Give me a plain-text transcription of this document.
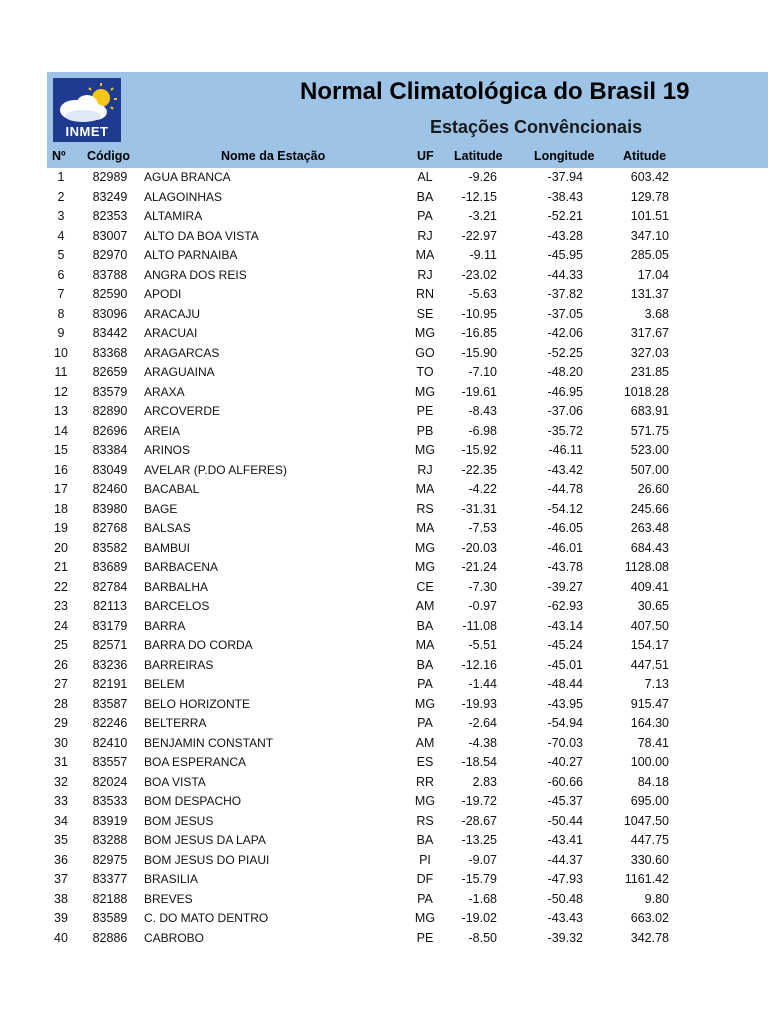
INMET
Normal Climatológica do Brasil 19
Estações Convêncionais
Nº Código	Nome da Estação	UF Latitude	Longitude Atitude
1	82989	AGUA BRANCA	AL	-9.26	-37.94	603.42
2	83249	ALAGOINHAS	BA	-12.15	-38.43	129.78
3	82353	ALTAMIRA	PA	-3.21	-52.21	101.51
4	83007	ALTO DA BOA VISTA	RJ	-22.97	-43.28	347.10
5	82970	ALTO PARNAIBA	MA	-9.11	-45.95	285.05
6	83788	ANGRA DOS REIS	RJ	-23.02	-44.33	17.04
7	82590	APODI	RN	-5.63	-37.82	131.37
8	83096	ARACAJU	SE	-10.95	-37.05	3.68
9	83442	ARACUAI	MG	-16.85	-42.06	317.67
10	83368	ARAGARCAS	GO	-15.90	-52.25	327.03
11	82659	ARAGUAINA	TO	-7.10	-48.20	231.85
12	83579	ARAXA	MG	-19.61	-46.95	1018.28
13	82890	ARCOVERDE	PE	-8.43	-37.06	683.91
14	82696	AREIA	PB	-6.98	-35.72	571.75
15	83384	ARINOS	MG	-15.92	-46.11	523.00
16	83049	AVELAR (P.DO ALFERES)	RJ	-22.35	-43.42	507.00
17	82460	BACABAL	MA	-4.22	-44.78	26.60
18	83980	BAGE	RS	-31.31	-54.12	245.66
19	82768	BALSAS	MA	-7.53	-46.05	263.48
20	83582	BAMBUI	MG	-20.03	-46.01	684.43
21	83689	BARBACENA	MG	-21.24	-43.78	1128.08
22	82784	BARBALHA	CE	-7.30	-39.27	409.41
23	82113	BARCELOS	AM	-0.97	-62.93	30.65
24	83179	BARRA	BA	-11.08	-43.14	407.50
25	82571	BARRA DO CORDA	MA	-5.51	-45.24	154.17
26	83236	BARREIRAS	BA	-12.16	-45.01	447.51
27	82191	BELEM	PA	-1.44	-48.44	7.13
28	83587	BELO HORIZONTE	MG	-19.93	-43.95	915.47
29	82246	BELTERRA	PA	-2.64	-54.94	164.30
30	82410	BENJAMIN CONSTANT	AM	-4.38	-70.03	78.41
31	83557	BOA ESPERANCA	ES	-18.54	-40.27	100.00
32	82024	BOA VISTA	RR	2.83	-60.66	84.18
33	83533	BOM DESPACHO	MG	-19.72	-45.37	695.00
34	83919	BOM JESUS	RS	-28.67	-50.44	1047.50
35	83288	BOM JESUS DA LAPA	BA	-13.25	-43.41	447.75
36	82975	BOM JESUS DO PIAUI	PI	-9.07	-44.37	330.60
37	83377	BRASILIA	DF	-15.79	-47.93	1161.42
38	82188	BREVES	PA	-1.68	-50.48	9.80
39	83589	C. DO MATO DENTRO	MG	-19.02	-43.43	663.02
40	82886	CABROBO	PE	-8.50	-39.32	342.78
